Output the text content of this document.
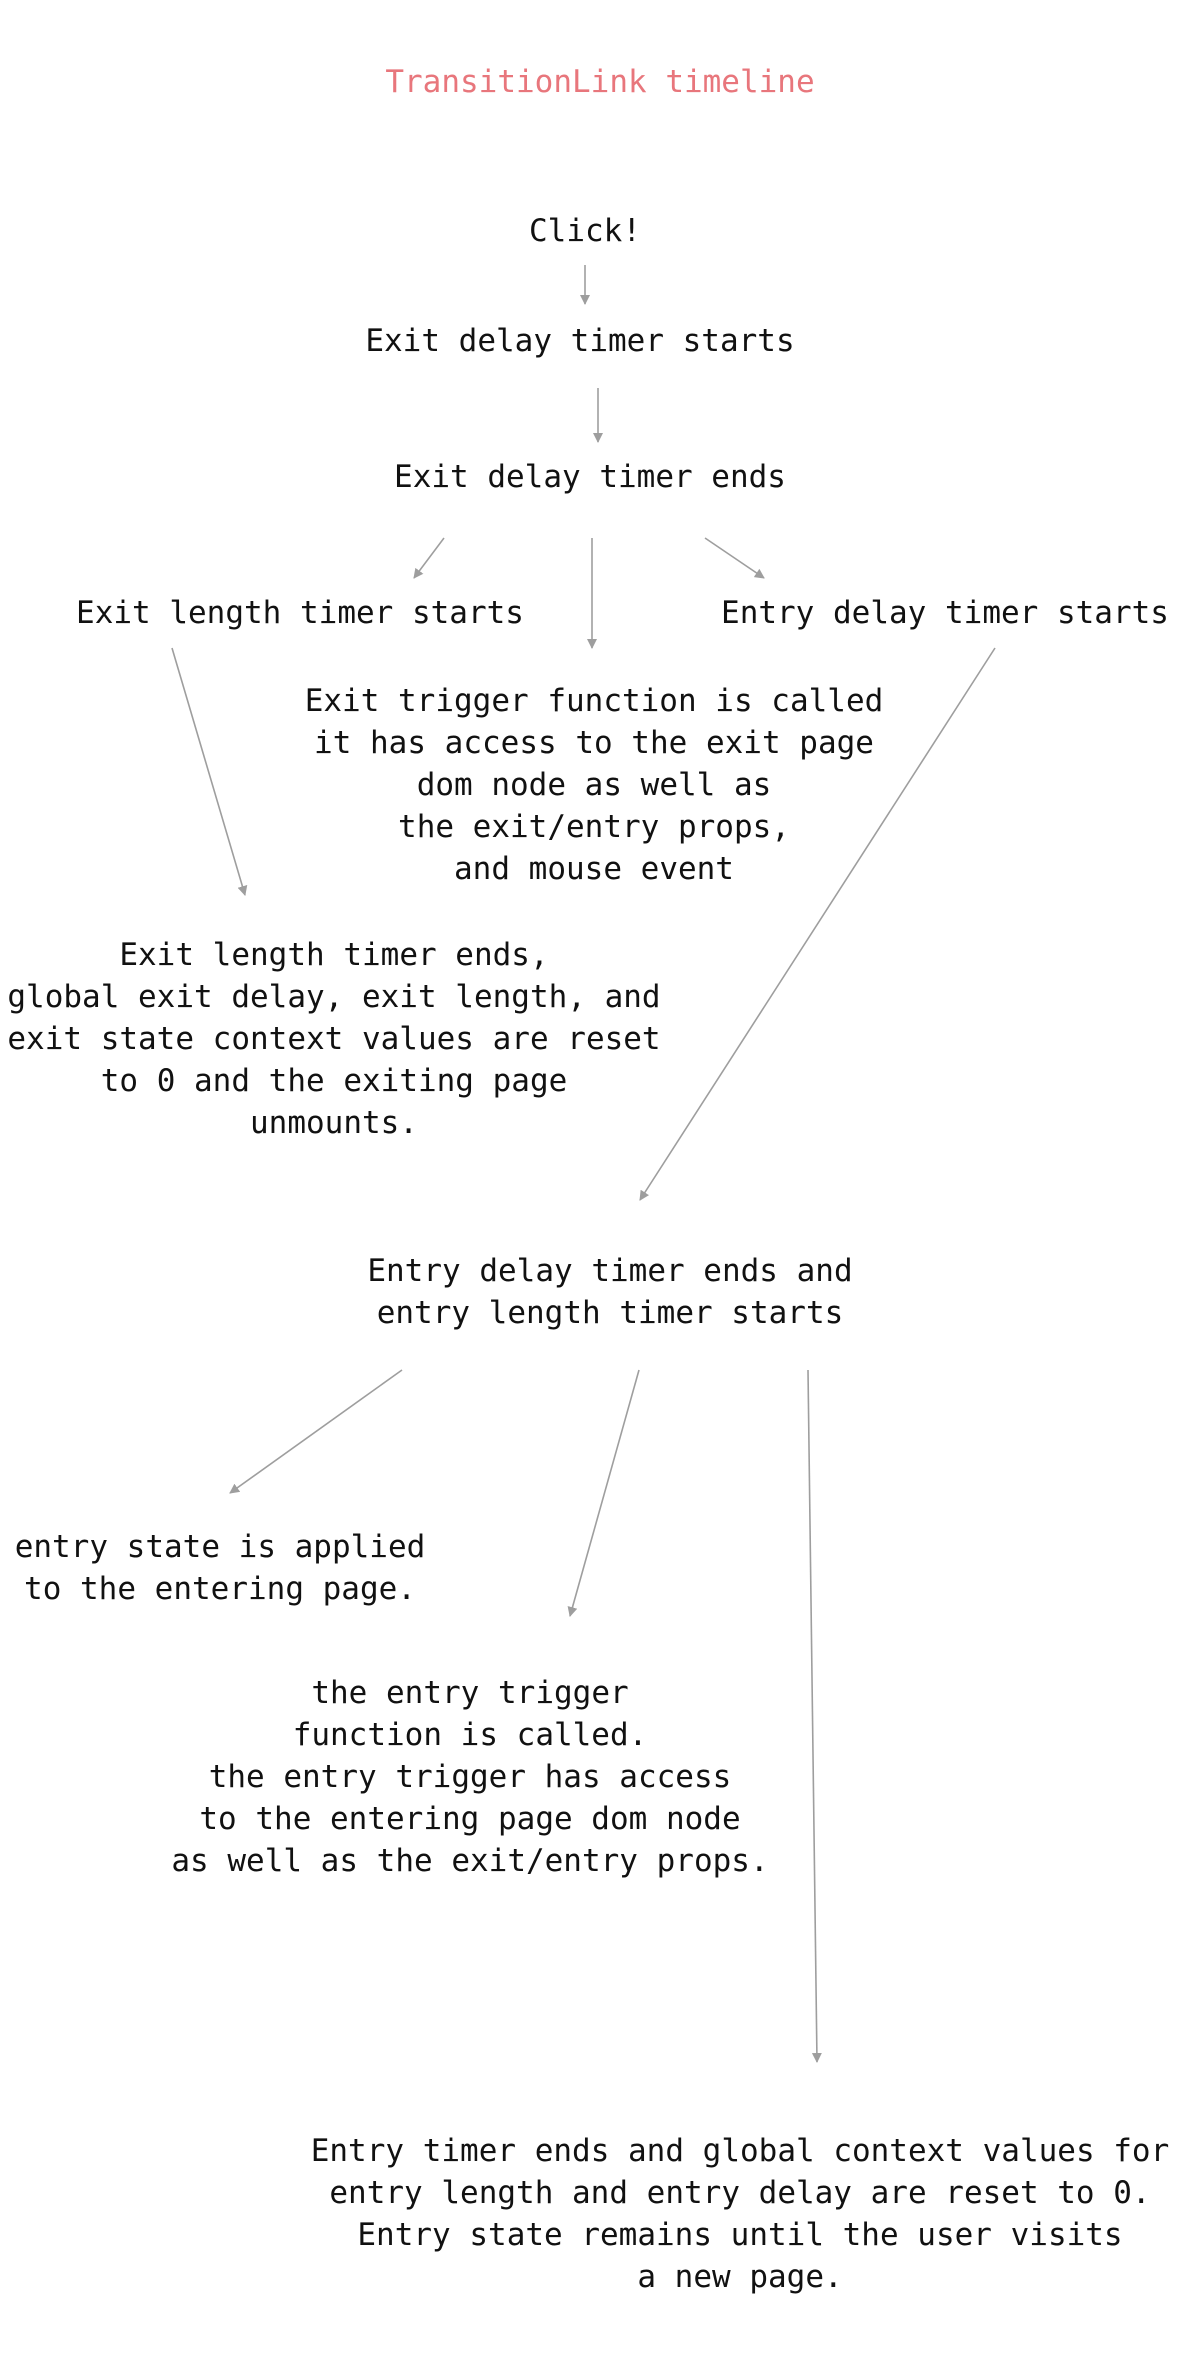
TransitionLink timeline
Click!
Exit delay timer starts
Exit delay timer ends
Exit length timer starts	Entry delay timer starts
Exit trigger function is called
it has access to the exit page
dom node as well as
the exit/entry props,
and mouse event
Exit length timer ends,
global exit delay, exit length, and
exit state context values are reset
to 0 and the exiting page
unmounts.
Entry delay timer ends and
entry length timer starts
entry state is applied
to the entering page.
the entry trigger
function is called.
the entry trigger has access
to the entering page dom node
as well as the exit/entry props.
Entry timer ends and global context values for
entry length and entry delay are reset to 0.
Entry state remains until the user visits
a new page.
